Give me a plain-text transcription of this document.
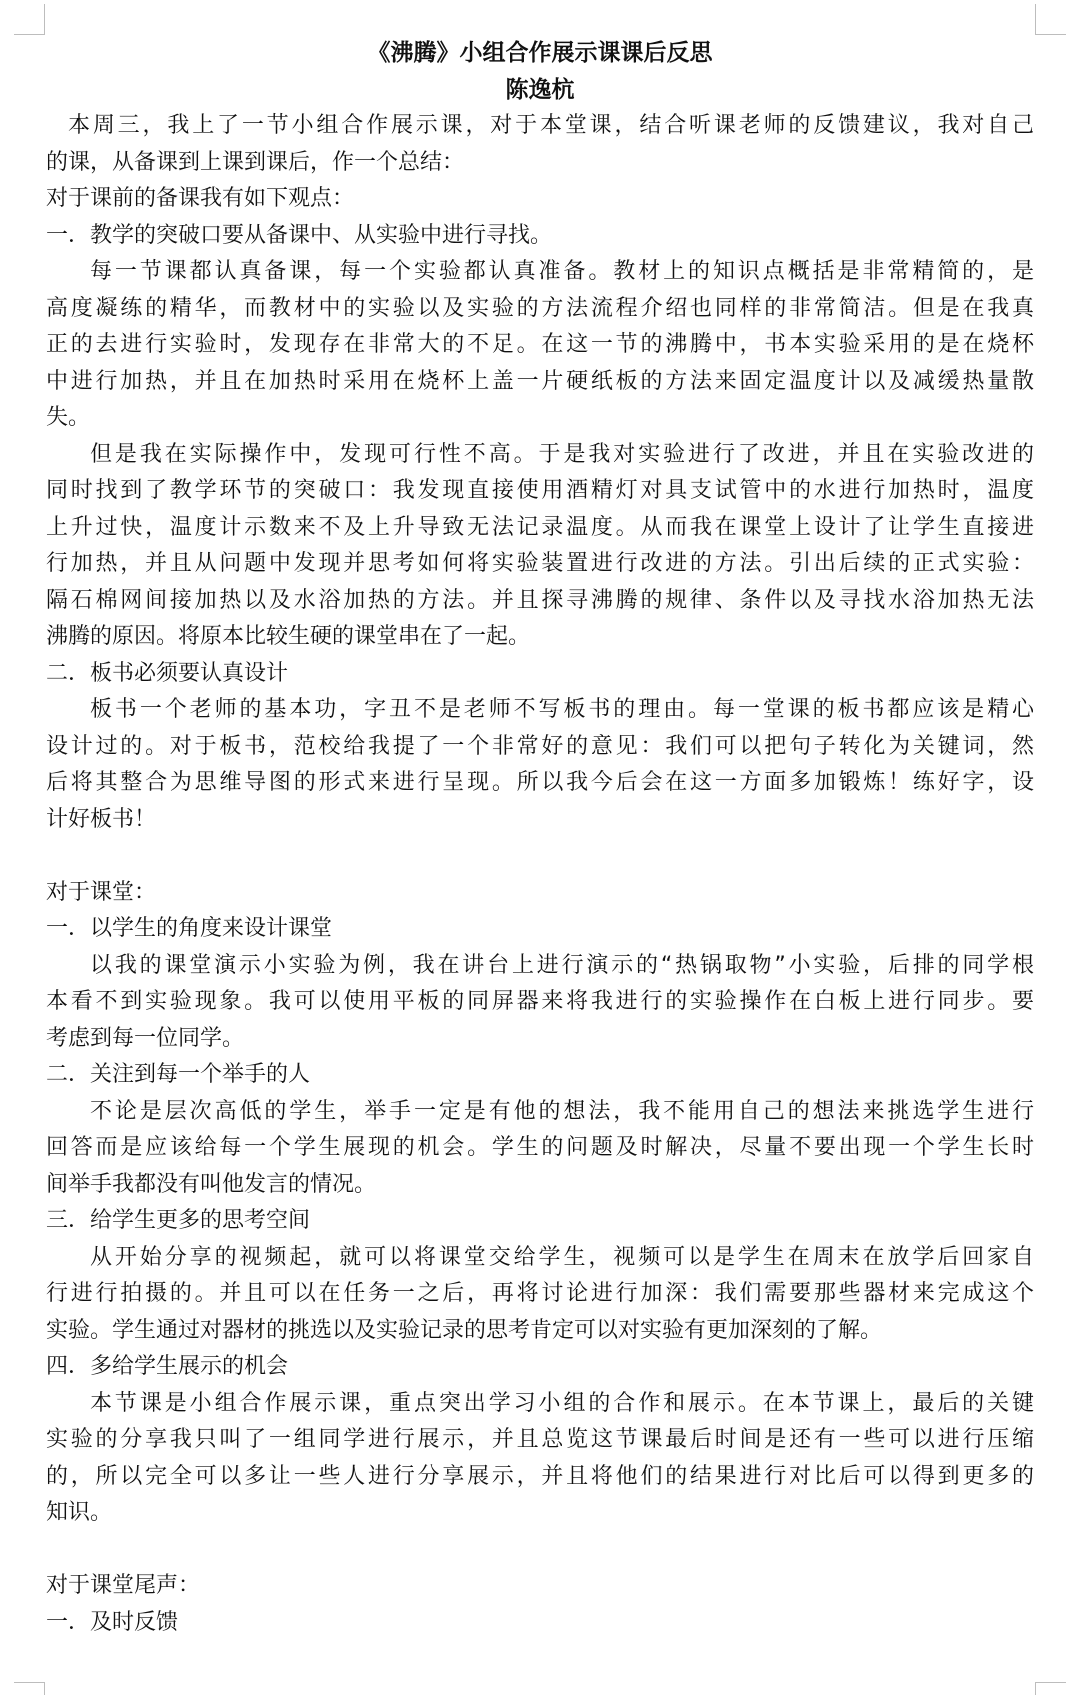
《沸腾》小组合作展示课课后反思
陈逸杭
本周三，我上了一节小组合作展示课，对于本堂课，结合听课老师的反馈建议，我对自己
的课，从备课到上课到课后，作一个总结：
对于课前的备课我有如下观点：
一．教学的突破口要从备课中、从实验中进行寻找。
每一节课都认真备课，每一个实验都认真准备。教材上的知识点概括是非常精简的，是
高度凝练的精华，而教材中的实验以及实验的方法流程介绍也同样的非常简洁。但是在我真
正的去进行实验时，发现存在非常大的不足。在这一节的沸腾中，书本实验采用的是在烧杯
中进行加热，并且在加热时采用在烧杯上盖一片硬纸板的方法来固定温度计以及减缓热量散
失。
但是我在实际操作中，发现可行性不高。于是我对实验进行了改进，并且在实验改进的
同时找到了教学环节的突破口：我发现直接使用酒精灯对具支试管中的水进行加热时，温度
上升过快，温度计示数来不及上升导致无法记录温度。从而我在课堂上设计了让学生直接进
行加热，并且从问题中发现并思考如何将实验装置进行改进的方法。引出后续的正式实验：
隔石棉网间接加热以及水浴加热的方法。并且探寻沸腾的规律、条件以及寻找水浴加热无法
沸腾的原因。将原本比较生硬的课堂串在了一起。
二．板书必须要认真设计
板书一个老师的基本功，字丑不是老师不写板书的理由。每一堂课的板书都应该是精心
设计过的。对于板书，范校给我提了一个非常好的意见：我们可以把句子转化为关键词，然
后将其整合为思维导图的形式来进行呈现。所以我今后会在这一方面多加锻炼！练好字，设
计好板书！
对于课堂：
一．以学生的角度来设计课堂
以我的课堂演示小实验为例，我在讲台上进行演示的“热锅取物”小实验，后排的同学根
本看不到实验现象。我可以使用平板的同屏器来将我进行的实验操作在白板上进行同步。要
考虑到每一位同学。
二．关注到每一个举手的人
不论是层次高低的学生，举手一定是有他的想法，我不能用自己的想法来挑选学生进行
回答而是应该给每一个学生展现的机会。学生的问题及时解决，尽量不要出现一个学生长时
间举手我都没有叫他发言的情况。
三．给学生更多的思考空间
从开始分享的视频起，就可以将课堂交给学生，视频可以是学生在周末在放学后回家自
行进行拍摄的。并且可以在任务一之后，再将讨论进行加深：我们需要那些器材来完成这个
实验。学生通过对器材的挑选以及实验记录的思考肯定可以对实验有更加深刻的了解。
四．多给学生展示的机会
本节课是小组合作展示课，重点突出学习小组的合作和展示。在本节课上，最后的关键
实验的分享我只叫了一组同学进行展示，并且总览这节课最后时间是还有一些可以进行压缩
的，所以完全可以多让一些人进行分享展示，并且将他们的结果进行对比后可以得到更多的
知识。
对于课堂尾声：
一．及时反馈
